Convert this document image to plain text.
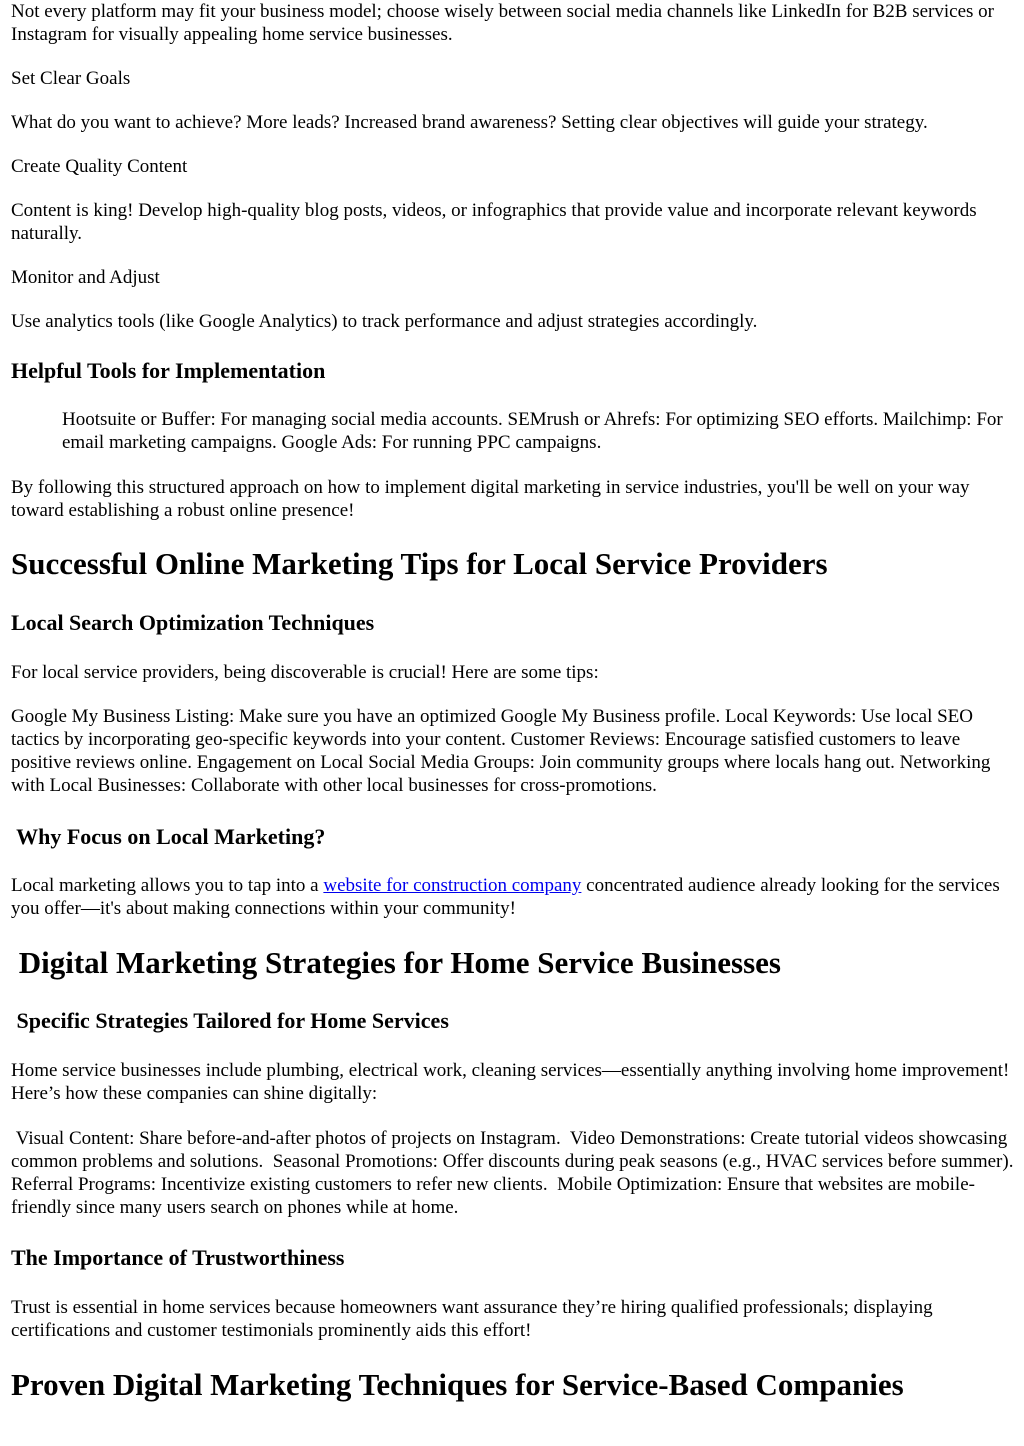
Not every platform may fit your business model; choose wisely between social media channels like LinkedIn for B2B services or Instagram for visually appealing home service businesses.
Set Clear Goals
What do you want to achieve? More leads? Increased brand awareness? Setting clear objectives will guide your strategy.
Create Quality Content
Content is king! Develop high-quality blog posts, videos, or infographics that provide value and incorporate relevant keywords naturally.
Monitor and Adjust
Use analytics tools (like Google Analytics) to track performance and adjust strategies accordingly.
Helpful Tools for Implementation
Hootsuite or Buffer: For managing social media accounts. SEMrush or Ahrefs: For optimizing SEO efforts. Mailchimp: For email marketing campaigns. Google Ads: For running PPC campaigns.
By following this structured approach on how to implement digital marketing in service industries, you'll be well on your way toward establishing a robust online presence!
Successful Online Marketing Tips for Local Service Providers
Local Search Optimization Techniques
For local service providers, being discoverable is crucial! Here are some tips:
Google My Business Listing: Make sure you have an optimized Google My Business profile. Local Keywords: Use local SEO tactics by incorporating geo-specific keywords into your content. Customer Reviews: Encourage satisfied customers to leave positive reviews online. Engagement on Local Social Media Groups: Join community groups where locals hang out. Networking with Local Businesses: Collaborate with other local businesses for cross-promotions.
Why Focus on Local Marketing?
Local marketing allows you to tap into a website for construction company concentrated audience already looking for the services you offer—it's about making connections within your community!
Digital Marketing Strategies for Home Service Businesses
Specific Strategies Tailored for Home Services
Home service businesses include plumbing, electrical work, cleaning services—essentially anything involving home improvement! Here’s how these companies can shine digitally:
Visual Content: Share before-and-after photos of projects on Instagram.  Video Demonstrations: Create tutorial videos showcasing common problems and solutions.  Seasonal Promotions: Offer discounts during peak seasons (e.g., HVAC services before summer).  Referral Programs: Incentivize existing customers to refer new clients.  Mobile Optimization: Ensure that websites are mobile-friendly since many users search on phones while at home.
The Importance of Trustworthiness
Trust is essential in home services because homeowners want assurance they’re hiring qualified professionals; displaying certifications and customer testimonials prominently aids this effort!
Proven Digital Marketing Techniques for Service-Based Companies
